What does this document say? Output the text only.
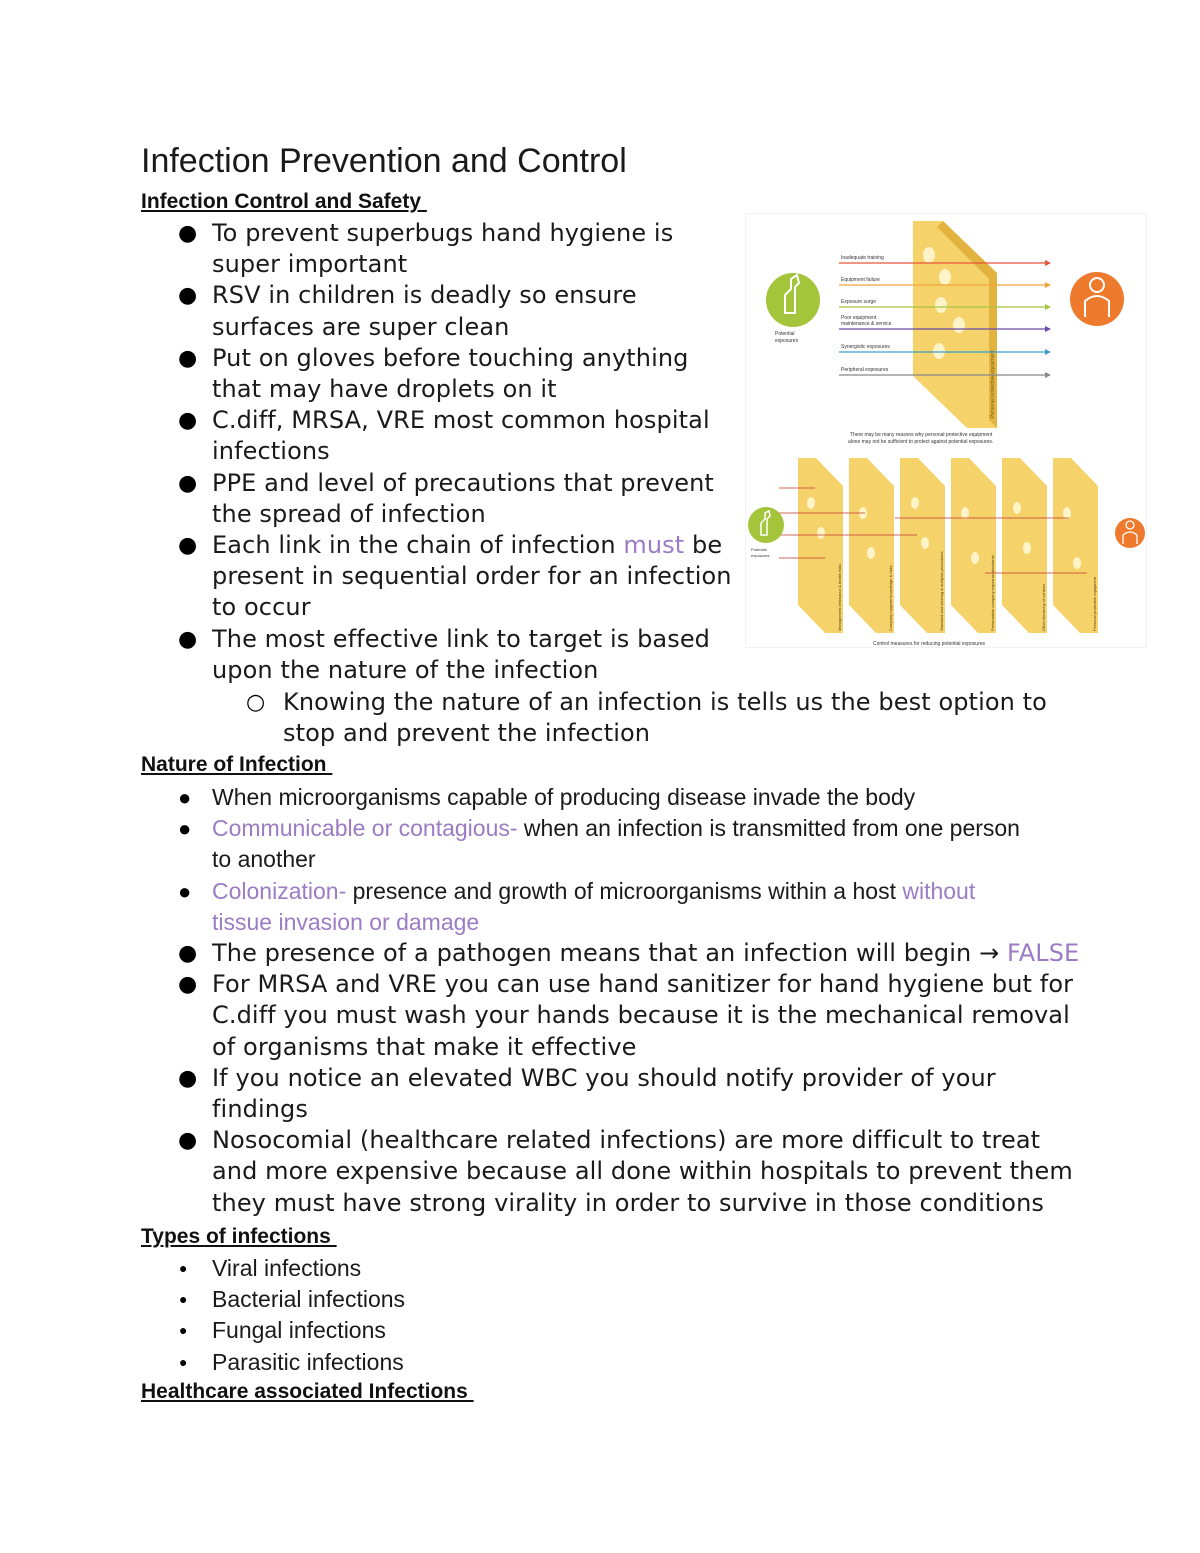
Infection Prevention and Control
Infection Control and Safety
● To prevent superbugs hand hygiene is
super important
● RSV in children is deadly so ensure
surfaces are super clean
● Put on gloves before touching anything
that may have droplets on it
● C.diff, MRSA, VRE most common hospital
infections
● PPE and level of precautions that prevent
the spread of infection
● Each link in the chain of infection must be
present in sequential order for an infection
to occur
● The most effective link to target is based
upon the nature of the infection
○ Knowing the nature of an infection is tells us the best option to
stop and prevent the infection
Nature of Infection
● When microorganisms capable of producing disease invade the body
● Communicable or contagious- when an infection is transmitted from one person
to another
● Colonization- presence and growth of microorganisms within a host without
tissue invasion or damage
● The presence of a pathogen means that an infection will begin → FALSE
● For MRSA and VRE you can use hand sanitizer for hand hygiene but for
C.diff you must wash your hands because it is the mechanical removal
of organisms that make it effective
● If you notice an elevated WBC you should notify provider of your
findings
● Nosocomial (healthcare related infections) are more difficult to treat
and more expensive because all done within hospitals to prevent them
they must have strong virality in order to survive in those conditions
Types of infections
● Viral infections
● Bacterial infections
● Fungal infections
● Parasitic infections
Healthcare associated Infections
Personal protective equipment
Inadequate training
Equipment failure
Exposure surge
Poor equipment
maintenance & service
Synergistic exposures
Peripheral exposures
Potential
exposures
There may be many reasons why personal protective equipment
alone may not be sufficient to protect against potential exposures.
Management behaviour & health risks	Company hygiene knowledge & risks	Standard and wearing & analysis procedures	Preventative company exposure standards	Other hierarchy of controls	Personal protective equipment
Potential
exposures
Control measures for reducing potential exposures
